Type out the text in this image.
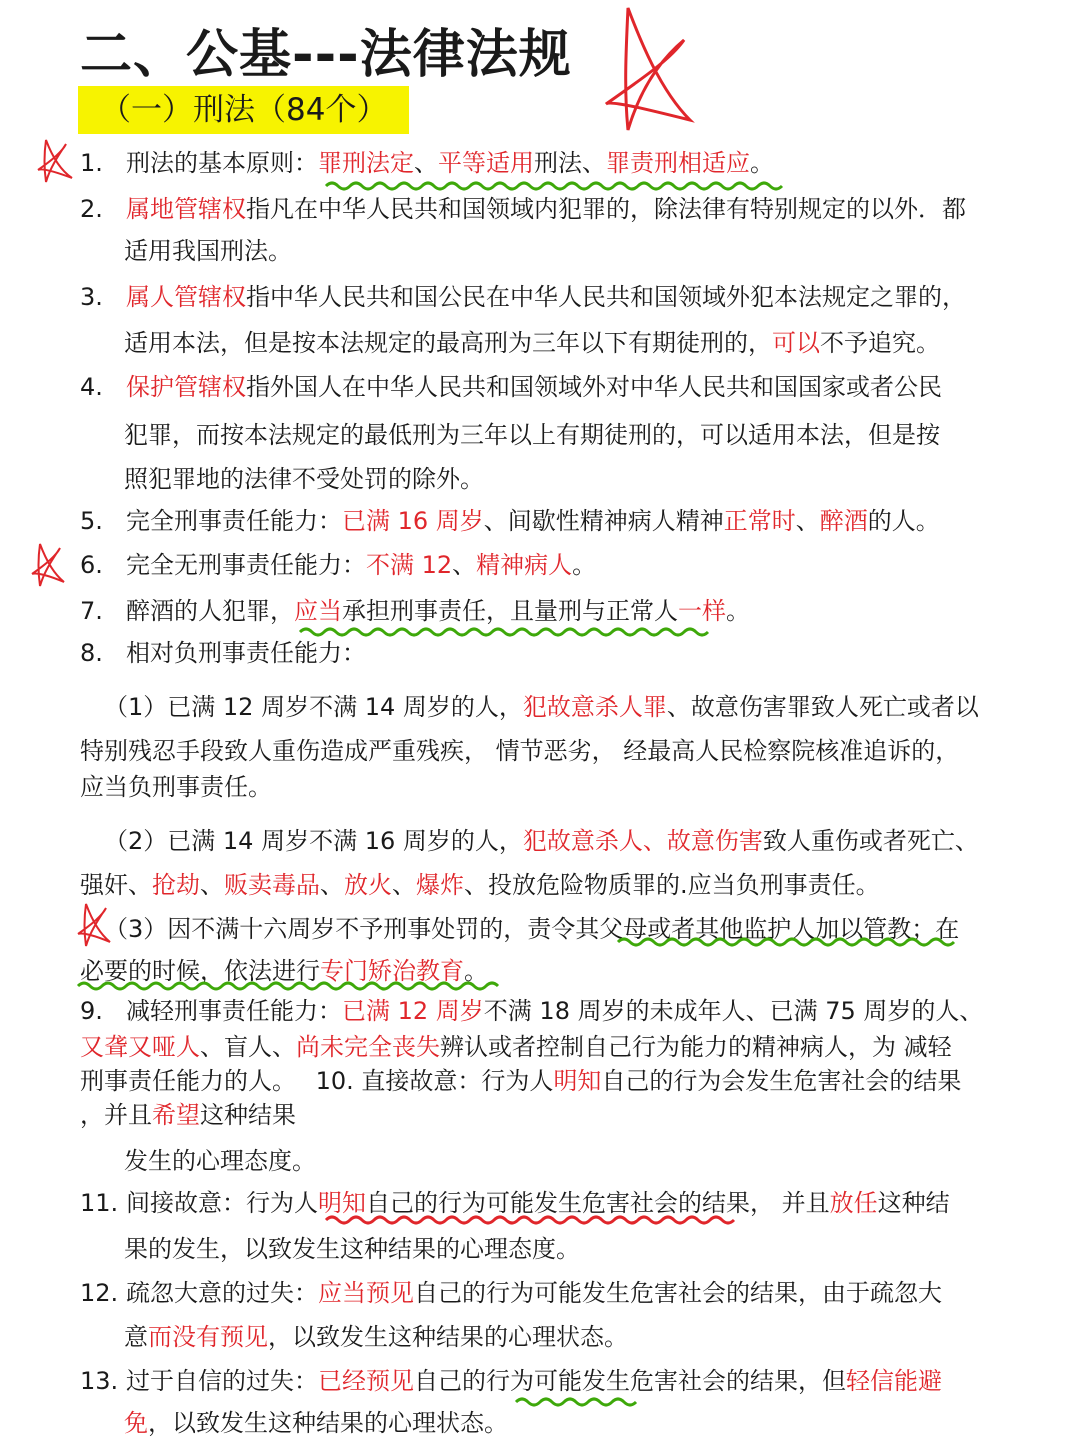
二、公基---法律法规
（一）刑法（84个）
1. 刑法的基本原则：罪刑法定、平等适用刑法、罪责刑相适应。
2. 属地管辖权指凡在中华人民共和国领域内犯罪的，除法律有特别规定的以外．都
适用我国刑法。
3. 属人管辖权指中华人民共和国公民在中华人民共和国领域外犯本法规定之罪的，
适用本法，但是按本法规定的最高刑为三年以下有期徒刑的，可以不予追究。
4. 保护管辖权指外国人在中华人民共和国领域外对中华人民共和国国家或者公民
犯罪，而按本法规定的最低刑为三年以上有期徒刑的，可以适用本法，但是按
照犯罪地的法律不受处罚的除外。
5. 完全刑事责任能力：已满 16 周岁、间歇性精神病人精神正常时、醉酒的人。
6. 完全无刑事责任能力：不满 12、精神病人。
7. 醉酒的人犯罪，应当承担刑事责任，且量刑与正常人一样。
8. 相对负刑事责任能力：
（1）已满 12 周岁不满 14 周岁的人，犯故意杀人罪、故意伤害罪致人死亡或者以
特别残忍手段致人重伤造成严重残疾， 情节恶劣， 经最高人民检察院核准追诉的，
应当负刑事责任。
（2）已满 14 周岁不满 16 周岁的人，犯故意杀人、故意伤害致人重伤或者死亡、
强奸、抢劫、贩卖毒品、放火、爆炸、投放危险物质罪的.应当负刑事责任。
（3）因不满十六周岁不予刑事处罚的，责令其父母或者其他监护人加以管教；在
必要的时候，依法进行专门矫治教育。
9. 减轻刑事责任能力：已满 12 周岁不满 18 周岁的未成年人、已满 75 周岁的人、
又聋又哑人、盲人、尚未完全丧失辨认或者控制自己行为能力的精神病人，为 减轻
刑事责任能力的人。　 10. 直接故意：行为人明知自己的行为会发生危害社会的结果
，并且希望这种结果
发生的心理态度。
11. 间接故意：行为人明知自己的行为可能发生危害社会的结果， 并且放任这种结
果的发生，以致发生这种结果的心理态度。
12. 疏忽大意的过失：应当预见自己的行为可能发生危害社会的结果，由于疏忽大
意而没有预见，以致发生这种结果的心理状态。
13. 过于自信的过失：已经预见自己的行为可能发生危害社会的结果，但轻信能避
免，以致发生这种结果的心理状态。
